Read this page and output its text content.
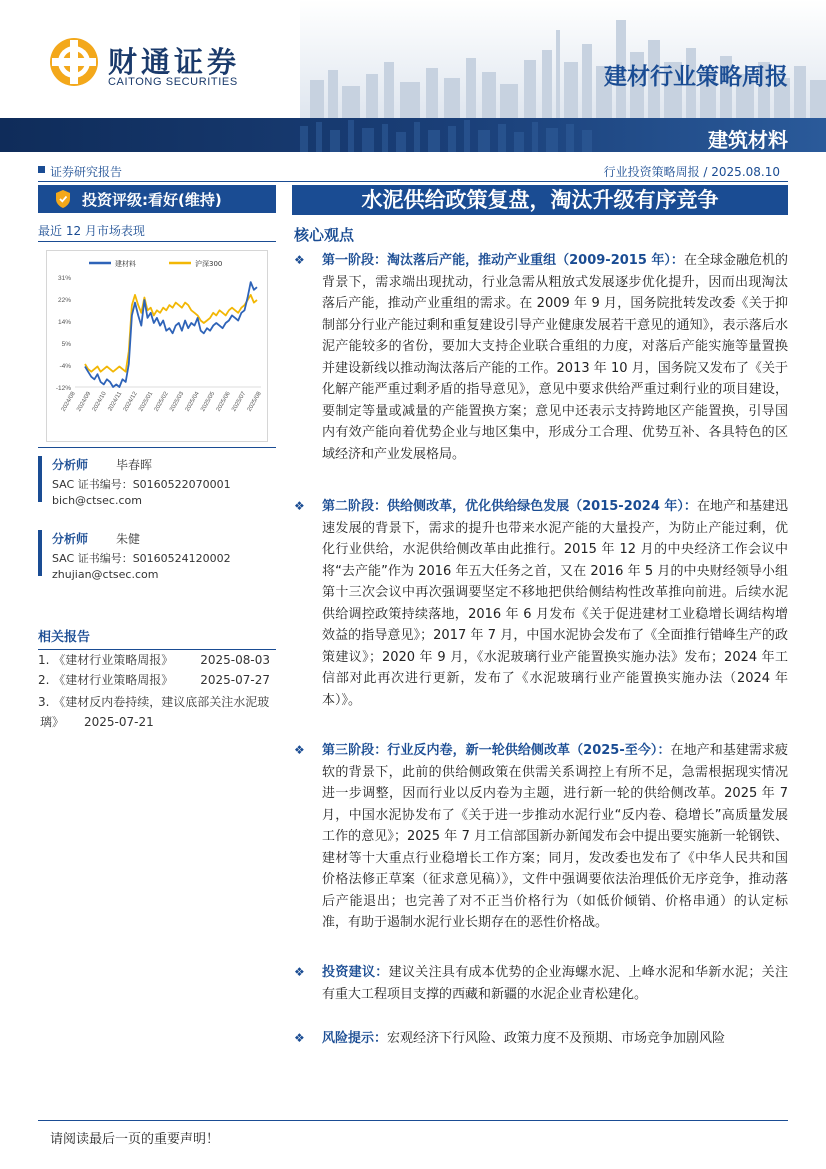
财通证券
CAITONG SECURITIES	建材行业策略周报
建筑材料
证券研究报告	行业投资策略周报 / 2025.08.10
投资评级:看好(维持)
最近 12 月市场表现
建材料	沪深300
31%
22%
14%
5%
-4%
-12%
2024/08 2024/09 2024/10 2024/11 2024/12 2025/01 2025/02 2025/03 2025/04 2025/05 2025/06 2025/07 2025/08
分析师 毕春晖
SAC 证书编号：S0160522070001
bich@ctsec.com
分析师 朱健
SAC 证书编号：S0160524120002
zhujian@ctsec.com
相关报告
1. 《建材行业策略周报》 2025-08-03
2. 《建材行业策略周报》 2025-07-27
3. 《建材反内卷持续，建议底部关注水泥玻
璃》 2025-07-21
水泥供给政策复盘，淘汰升级有序竞争
核心观点
❖	第一阶段：淘汰落后产能，推动产业重组（2009-2015 年）：在全球金融危机的背景下，需求端出现扰动，行业急需从粗放式发展逐步优化提升，因而出现淘汰落后产能，推动产业重组的需求。在 2009 年 9 月，国务院批转发改委《关于抑制部分行业产能过剩和重复建设引导产业健康发展若干意见的通知》，表示落后水泥产能较多的省份，要加大支持企业联合重组的力度，对落后产能实施等量置换并建设新线以推动淘汰落后产能的工作。2013 年 10 月，国务院又发布了《关于化解产能严重过剩矛盾的指导意见》，意见中要求供给严重过剩行业的项目建设，要制定等量或减量的产能置换方案；意见中还表示支持跨地区产能置换，引导国内有效产能向着优势企业与地区集中，形成分工合理、优势互补、各具特色的区域经济和产业发展格局。
❖	第二阶段：供给侧改革，优化供给绿色发展（2015-2024 年）：在地产和基建迅速发展的背景下，需求的提升也带来水泥产能的大量投产，为防止产能过剩，优化行业供给，水泥供给侧改革由此推行。2015 年 12 月的中央经济工作会议中将“去产能”作为 2016 年五大任务之首，又在 2016 年 5 月的中央财经领导小组第十三次会议中再次强调要坚定不移地把供给侧结构性改革推向前进。后续水泥供给调控政策持续落地，2016 年 6 月发布《关于促进建材工业稳增长调结构增效益的指导意见》；2017 年 7 月，中国水泥协会发布了《全面推行错峰生产的政策建议》；2020 年 9 月，《水泥玻璃行业产能置换实施办法》发布；2024 年工信部对此再次进行更新，发布了《水泥玻璃行业产能置换实施办法（2024 年本）》。
❖	第三阶段：行业反内卷，新一轮供给侧改革（2025-至今）：在地产和基建需求疲软的背景下，此前的供给侧政策在供需关系调控上有所不足，急需根据现实情况进一步调整，因而行业以反内卷为主题，进行新一轮的供给侧改革。2025 年 7 月，中国水泥协发布了《关于进一步推动水泥行业“反内卷、稳增长”高质量发展工作的意见》；2025 年 7 月工信部国新办新闻发布会中提出要实施新一轮钢铁、建材等十大重点行业稳增长工作方案；同月，发改委也发布了《中华人民共和国价格法修正草案（征求意见稿）》，文件中强调要依法治理低价无序竞争，推动落后产能退出；也完善了对不正当价格行为（如低价倾销、价格串通）的认定标准，有助于遏制水泥行业长期存在的恶性价格战。
❖	投资建议：建议关注具有成本优势的企业海螺水泥、上峰水泥和华新水泥；关注有重大工程项目支撑的西藏和新疆的水泥企业青松建化。
❖	风险提示：宏观经济下行风险、政策力度不及预期、市场竞争加剧风险
请阅读最后一页的重要声明！
